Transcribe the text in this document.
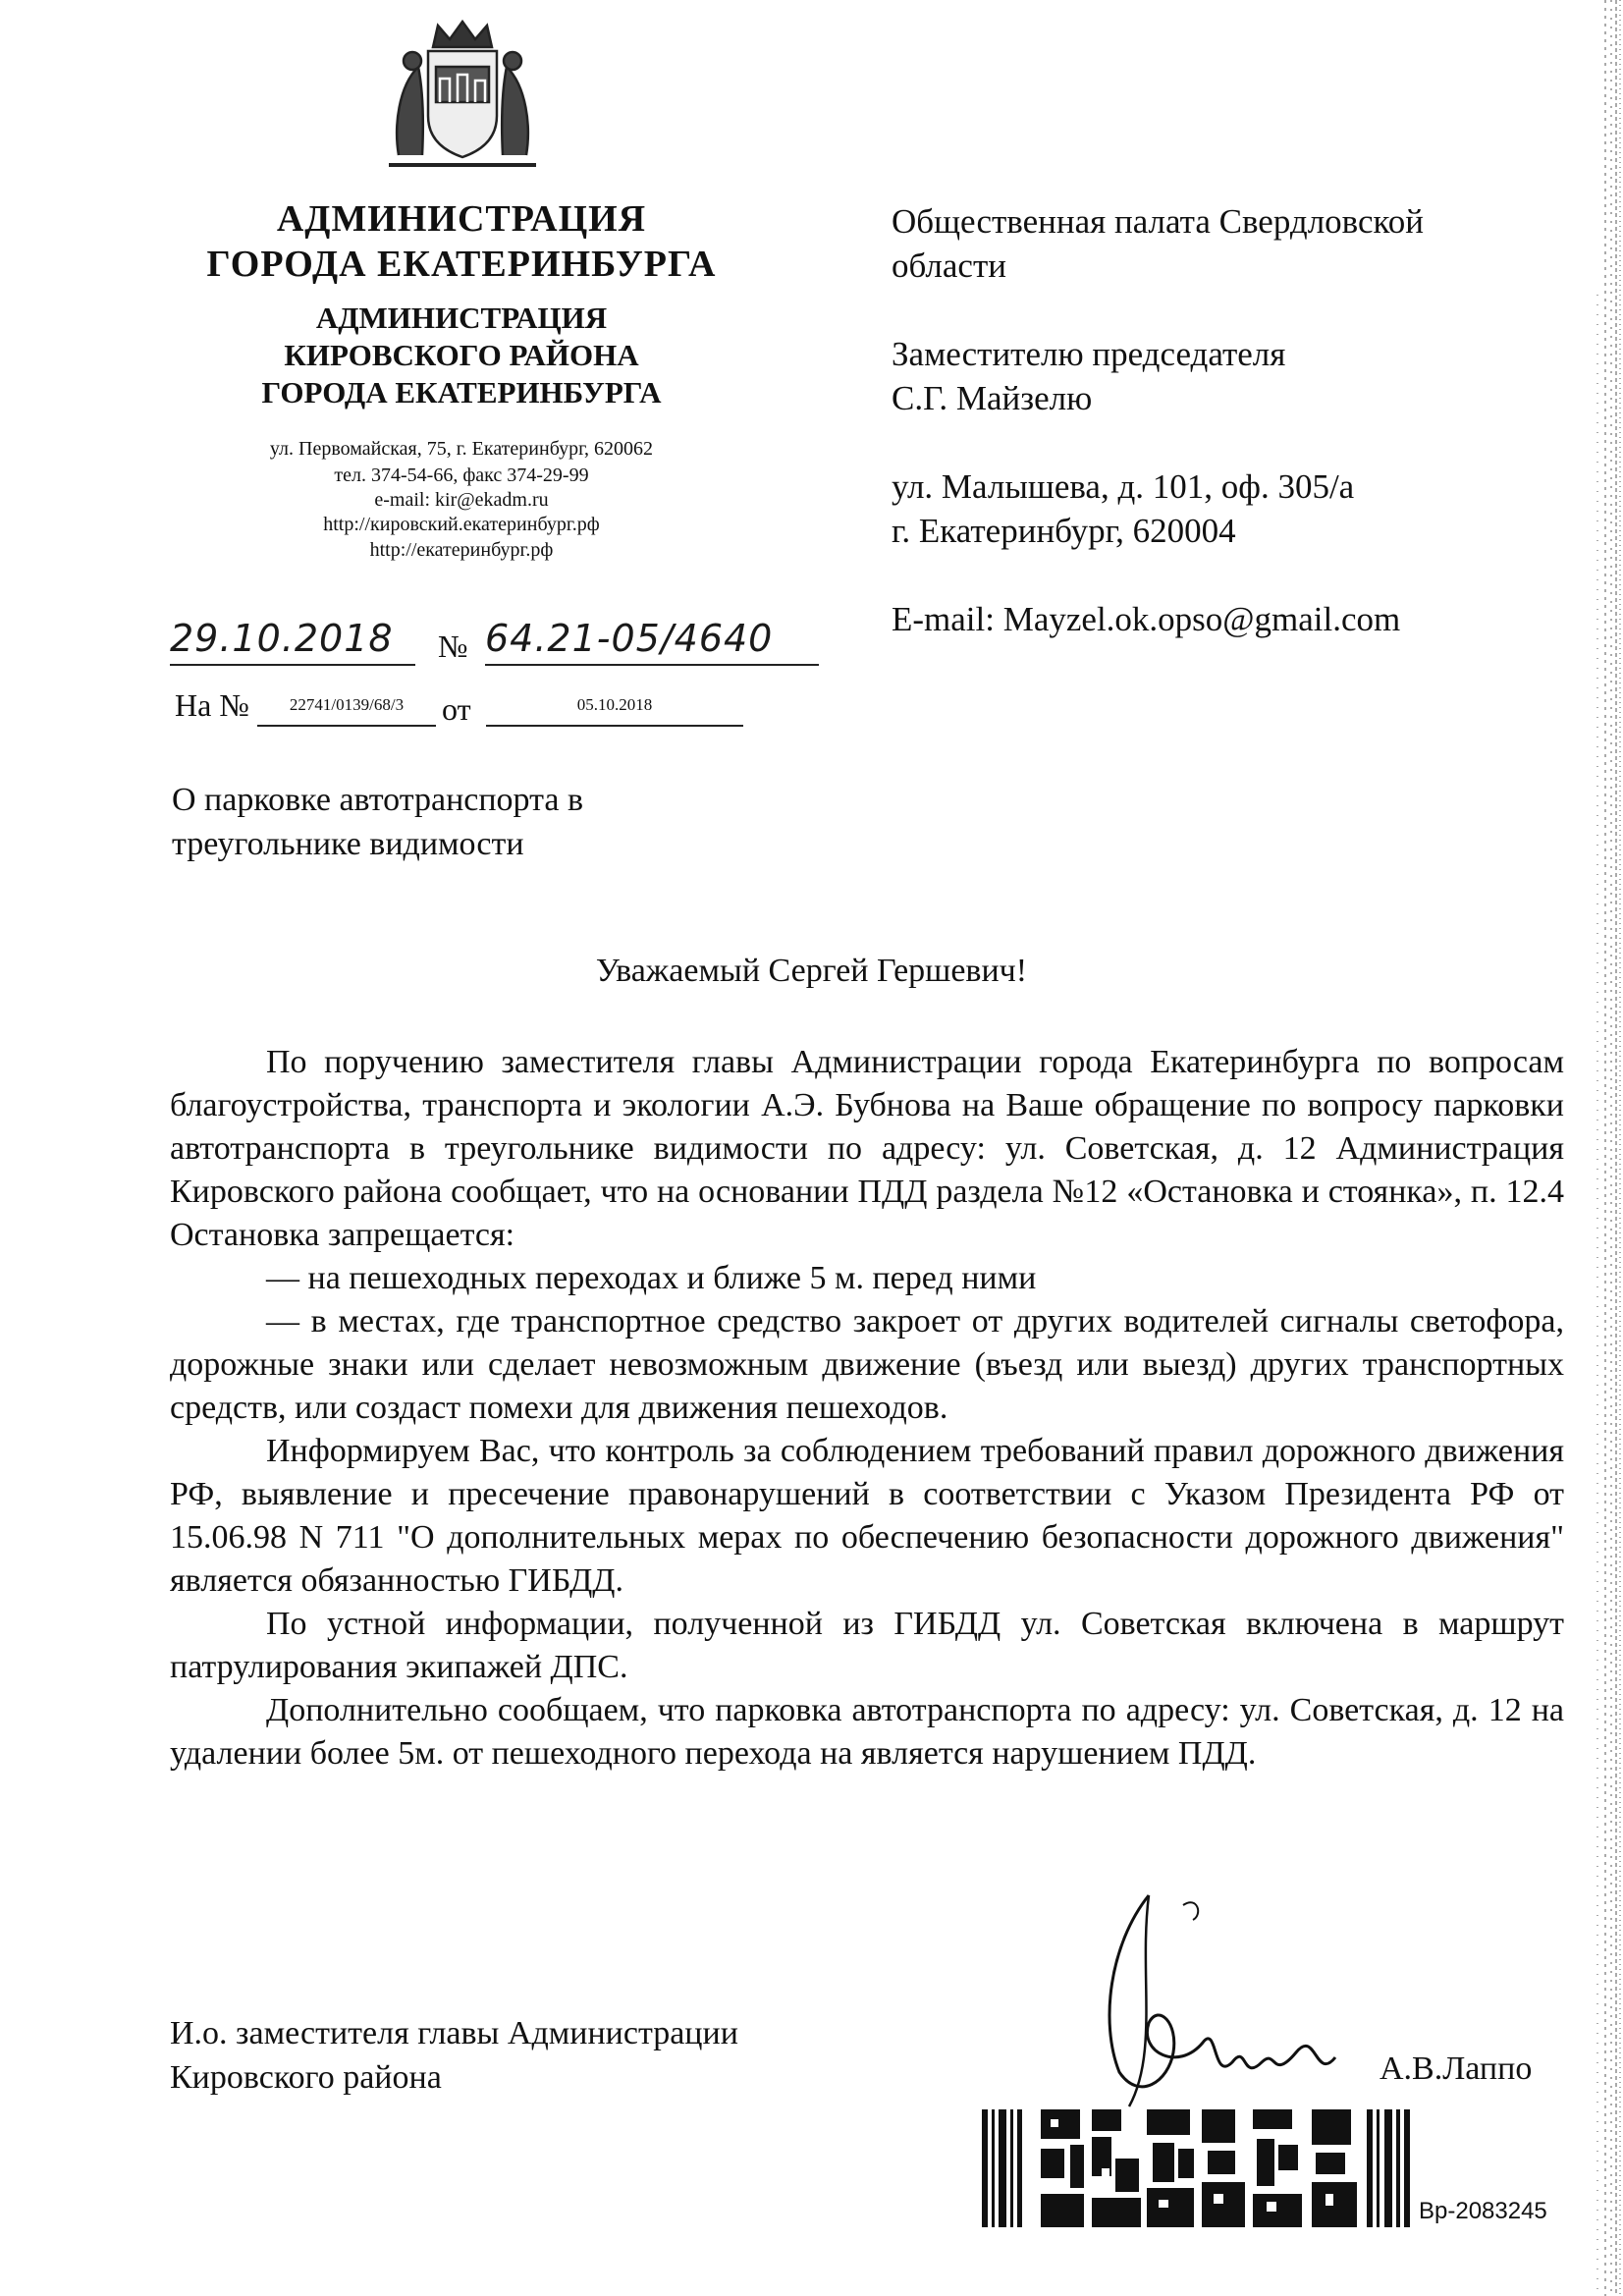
АДМИНИСТРАЦИЯ
ГОРОДА ЕКАТЕРИНБУРГА
АДМИНИСТРАЦИЯ
КИРОВСКОГО РАЙОНА
ГОРОДА ЕКАТЕРИНБУРГА
ул. Первомайская, 75, г. Екатеринбург, 620062
тел. 374-54-66, факс 374-29-99
e-mail: kir@ekadm.ru
http://кировский.екатеринбург.рф
http://екатеринбург.рф
29.10.2018	№ 64.21-05/4640
На №	22741/0139/68/3	от	05.10.2018
Общественная палата Свердловской
области
Заместителю председателя
С.Г. Майзелю
ул. Малышева, д. 101, оф. 305/а
г. Екатеринбург, 620004
E-mail: Mayzel.ok.opso@gmail.com
О парковке автотранспорта в
треугольнике видимости
Уважаемый Сергей Гершевич!

По поручению заместителя главы Администрации города Екатеринбурга по вопросам благоустройства, транспорта и экологии А.Э. Бубнова на Ваше обращение по вопросу парковки автотранспорта в треугольнике видимости по адресу: ул. Советская, д. 12 Администрация Кировского района сообщает, что на основании ПДД раздела №12 «Остановка и стоянка», п. 12.4 Остановка запрещается:

— на пешеходных переходах и ближе 5 м. перед ними

— в местах, где транспортное средство закроет от других водителей сигналы светофора, дорожные знаки или сделает невозможным движение (въезд или выезд) других транспортных средств, или создаст помехи для движения пешеходов.

Информируем Вас, что контроль за соблюдением требований правил дорожного движения РФ, выявление и пресечение правонарушений в соответствии с Указом Президента РФ от 15.06.98 N 711 "О дополнительных мерах по обеспечению безопасности дорожного движения" является обязанностью ГИБДД.

По устной информации, полученной из ГИБДД ул. Советская включена в маршрут патрулирования экипажей ДПС.

Дополнительно сообщаем, что парковка автотранспорта по адресу: ул. Советская, д. 12 на удалении более 5м. от пешеходного перехода на является нарушением ПДД.

И.о. заместителя главы Администрации
Кировского района	А.В.Лаппо
Вр-2083245
